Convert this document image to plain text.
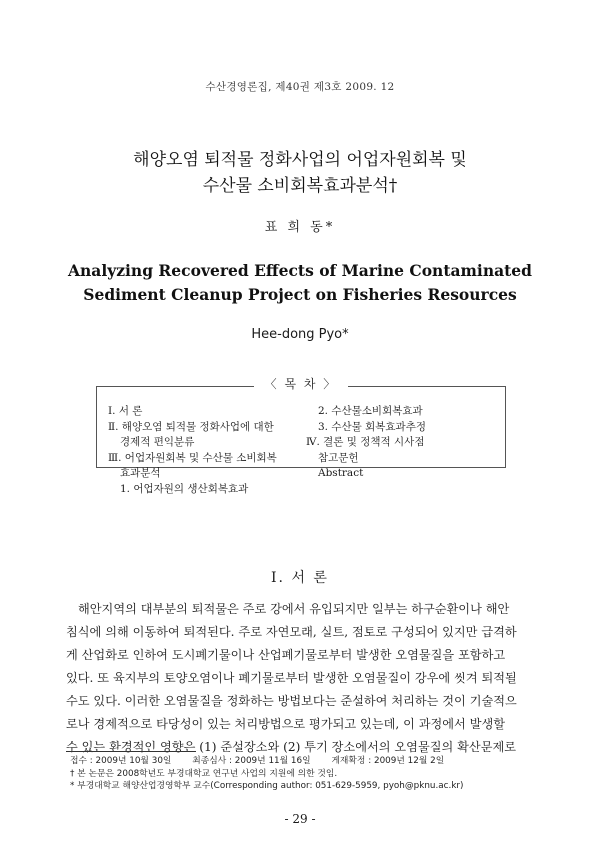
수산경영론집, 제40권 제3호 2009. 12
해양오염 퇴적물 정화사업의 어업자원회복 및
수산물 소비회복효과분석†
표 희 동*
Analyzing Recovered Effects of Marine Contaminated
Sediment Cleanup Project on Fisheries Resources
Hee-dong Pyo*
〈 목 차 〉
Ⅰ. 서 론
Ⅱ. 해양오염 퇴적물 정화사업에 대한
경제적 편익분류
Ⅲ. 어업자원회복 및 수산물 소비회복
효과분석
1. 어업자원의 생산회복효과
2. 수산물소비회복효과
3. 수산물 회복효과추정
Ⅳ. 결론 및 정책적 시사점
참고문헌
Abstract
Ⅰ. 서 론
해안지역의 대부분의 퇴적물은 주로 강에서 유입되지만 일부는 하구순환이나 해안
침식에 의해 이동하여 퇴적된다. 주로 자연모래, 실트, 점토로 구성되어 있지만 급격하
게 산업화로 인하여 도시폐기물이나 산업폐기물로부터 발생한 오염물질을 포함하고
있다. 또 육지부의 토양오염이나 폐기물로부터 발생한 오염물질이 강우에 씻겨 퇴적될
수도 있다. 이러한 오염물질을 정화하는 방법보다는 준설하여 처리하는 것이 기술적으
로나 경제적으로 타당성이 있는 처리방법으로 평가되고 있는데, 이 과정에서 발생할
수 있는 환경적인 영향은 (1) 준설장소와 (2) 투기 장소에서의 오염물질의 확산문제로
접수 : 2009년 10월 30일 최종심사 : 2009년 11월 16일 게재확정 : 2009년 12월 2일
† 본 논문은 2008학년도 부경대학교 연구년 사업의 지원에 의한 것임.
* 부경대학교 해양산업경영학부 교수(Corresponding author: 051-629-5959, pyoh@pknu.ac.kr)
- 29 -
